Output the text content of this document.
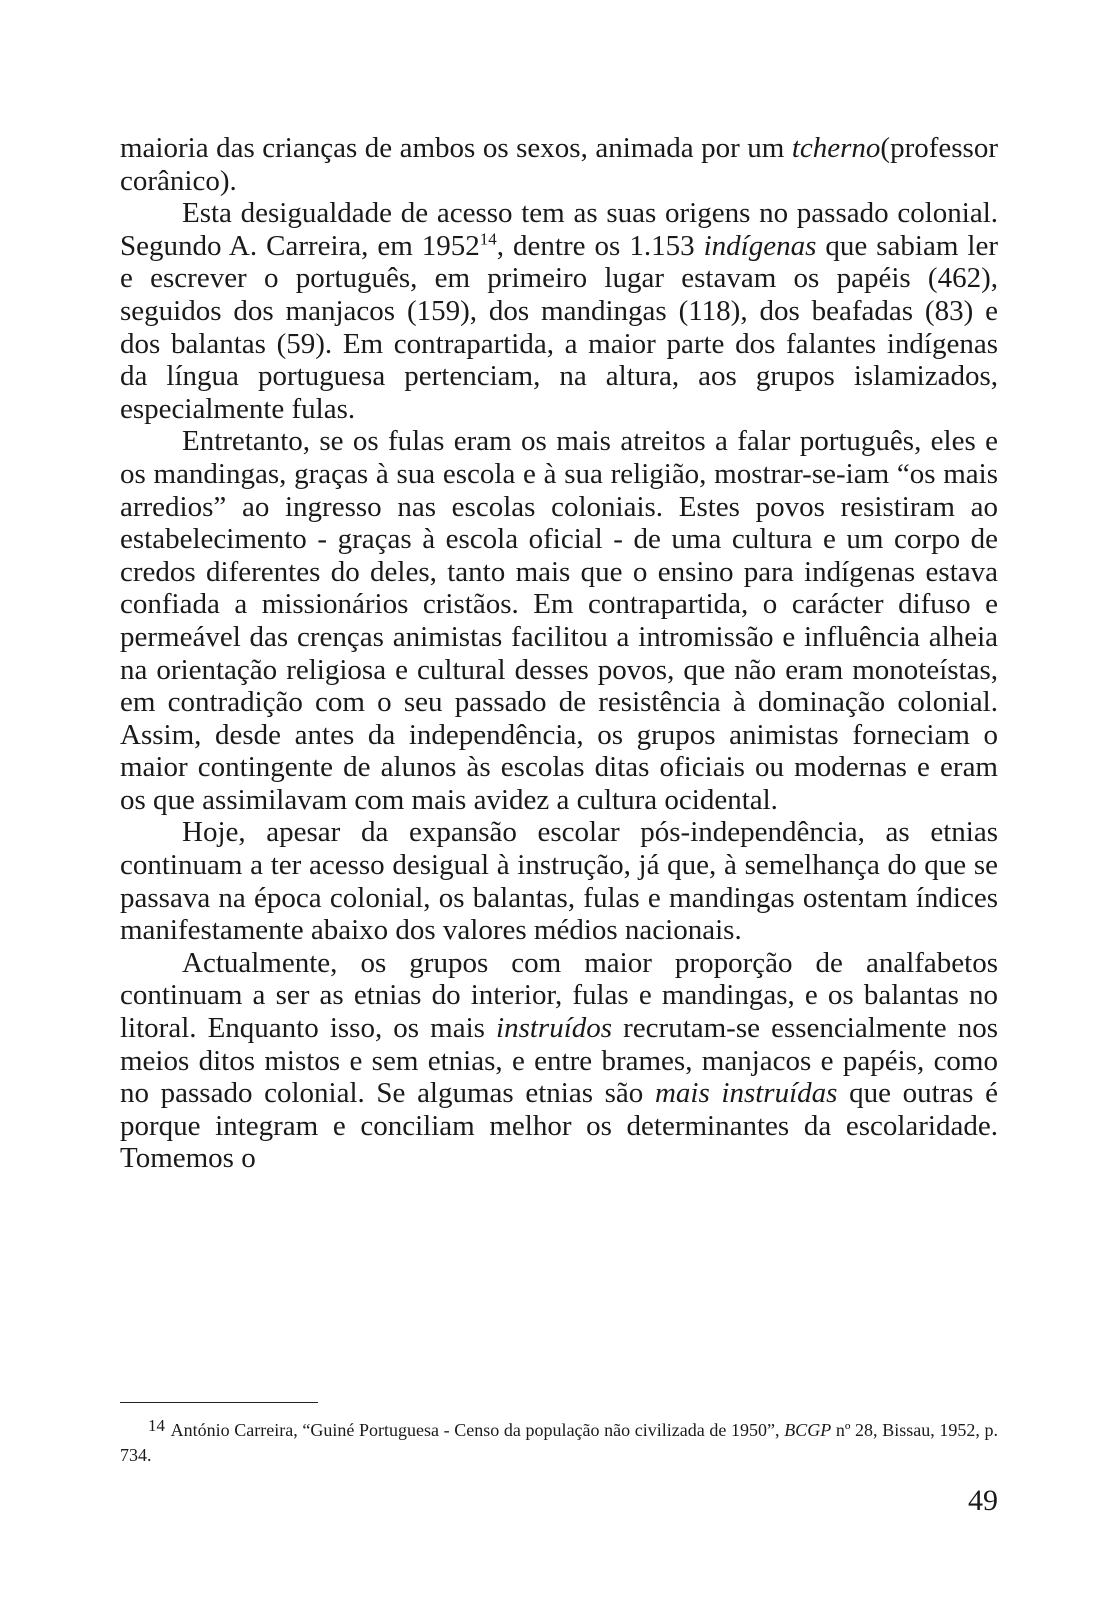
maioria das crianças de ambos os sexos, animada por um tcherno(professor corânico).

Esta desigualdade de acesso tem as suas origens no passado colonial. Segundo A. Carreira, em 1952$^{14}$, dentre os 1.153 indígenas que sabiam ler e escrever o português, em primeiro lugar estavam os papéis (462), seguidos dos manjacos (159), dos mandingas (118), dos beafadas (83) e dos balantas (59). Em contrapartida, a maior parte dos falantes indígenas da língua portuguesa pertenciam, na altura, aos grupos islamizados, especialmente fulas.

Entretanto, se os fulas eram os mais atreitos a falar português, eles e os mandingas, graças à sua escola e à sua religião, mostrar-se-iam “os mais arredios” ao ingresso nas escolas coloniais. Estes povos resistiram ao estabelecimento - graças à escola oficial - de uma cultura e um corpo de credos diferentes do deles, tanto mais que o ensino para indígenas estava confiada a missionários cristãos. Em contrapartida, o carácter difuso e permeável das crenças animistas facilitou a intromissão e influência alheia na orientação religiosa e cultural desses povos, que não eram monoteístas, em contradição com o seu passado de resistência à dominação colonial. Assim, desde antes da independência, os grupos animistas forneciam o maior contingente de alunos às escolas ditas oficiais ou modernas e eram os que assimilavam com mais avidez a cultura ocidental.

Hoje, apesar da expansão escolar pós-independência, as etnias continuam a ter acesso desigual à instrução, já que, à semelhança do que se passava na época colonial, os balantas, fulas e mandingas ostentam índices manifestamente abaixo dos valores médios nacionais.

Actualmente, os grupos com maior proporção de analfabetos continuam a ser as etnias do interior, fulas e mandingas, e os balantas no litoral. Enquanto isso, os mais instruídos recrutam-se essencialmente nos meios ditos mistos e sem etnias, e entre brames, manjacos e papéis, como no passado colonial. Se algumas etnias são mais instruídas que outras é porque integram e conciliam melhor os determinantes da escolaridade. Tomemos o

14 António Carreira, “Guiné Portuguesa - Censo da população não civilizada de 1950”, BCGP nº 28, Bissau, 1952, p. 734.

49
